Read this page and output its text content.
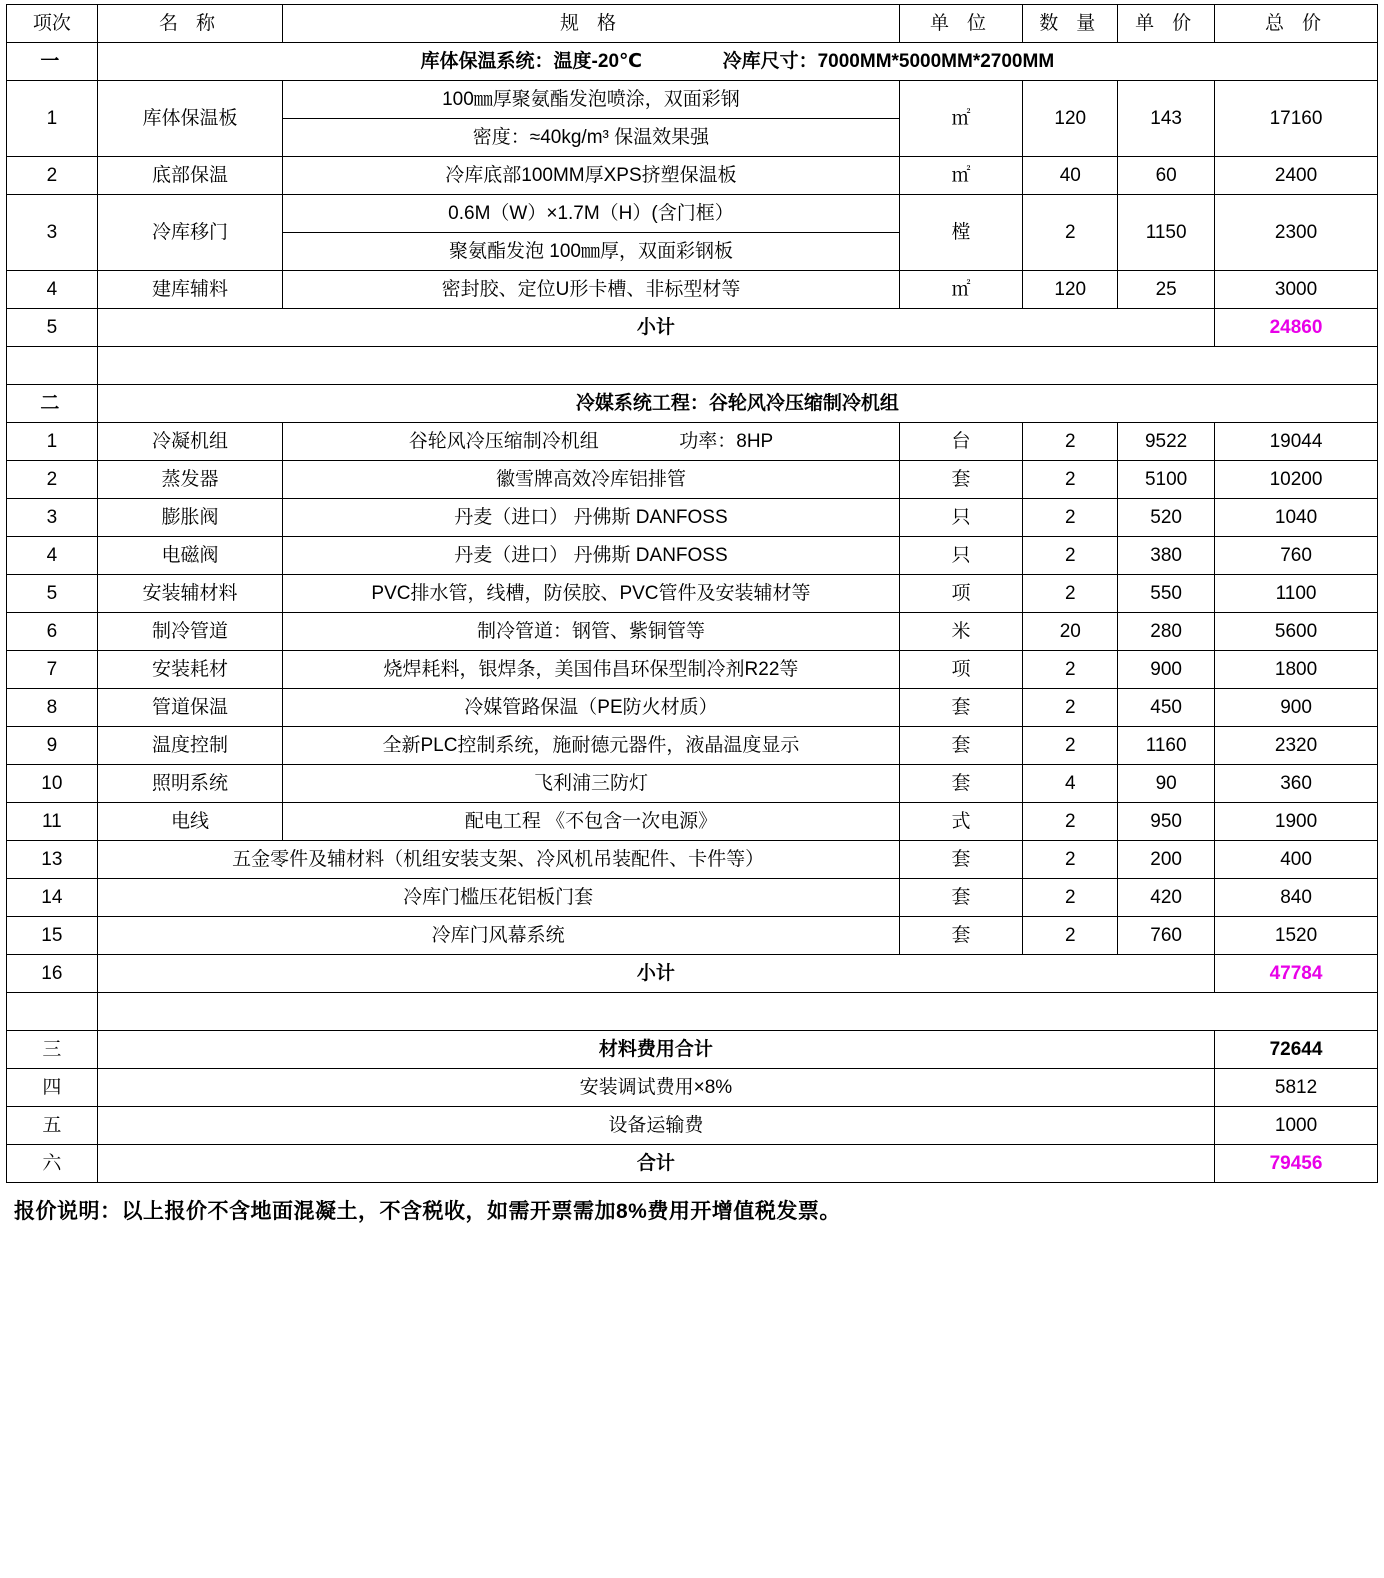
项次	名 称	规 格	单 位	数 量	单 价	总 价
一	库体保温系统：温度-20℃ 冷库尺寸：7000MM*5000MM*2700MM					
1	库体保温板	100㎜厚聚氨酯发泡喷涂，双面彩钢	㎡	120	143	17160
		密度：≈40kg/m³ 保温效果强				
2	底部保温	冷库底部100MM厚XPS挤塑保温板	㎡	40	60	2400
3	冷库移门	0.6M（W）×1.7M（H）(含门框）	樘	2	1150	2300
		聚氨酯发泡 100㎜厚，双面彩钢板				
4	建库辅料	密封胶、定位U形卡槽、非标型材等	㎡	120	25	3000
5	小计					24860

二	冷媒系统工程：谷轮风冷压缩制冷机组					
1	冷凝机组	谷轮风冷压缩制冷机组 功率：8HP	台	2	9522	19044
2	蒸发器	徽雪牌高效冷库铝排管	套	2	5100	10200
3	膨胀阀	丹麦（进口） 丹佛斯 DANFOSS	只	2	520	1040
4	电磁阀	丹麦（进口） 丹佛斯 DANFOSS	只	2	380	760
5	安装辅材料	PVC排水管，线槽，防侯胶、PVC管件及安装辅材等	项	2	550	1100
6	制冷管道	制冷管道：钢管、紫铜管等	米	20	280	5600
7	安装耗材	烧焊耗料，银焊条，美国伟昌环保型制冷剂R22等	项	2	900	1800
8	管道保温	冷媒管路保温（PE防火材质）	套	2	450	900
9	温度控制	全新PLC控制系统，施耐德元器件，液晶温度显示	套	2	1160	2320
10	照明系统	飞利浦三防灯	套	4	90	360
11	电线	配电工程 《不包含一次电源》	式	2	950	1900
13	五金零件及辅材料（机组安装支架、冷风机吊装配件、卡件等）		套	2	200	400
14	冷库门槛压花铝板门套		套	2	420	840
15	冷库门风幕系统		套	2	760	1520
16	小计					47784

三	材料费用合计					72644
四	安装调试费用×8%					5812
五	设备运输费					1000
六	合计					79456
报价说明：以上报价不含地面混凝土，不含税收，如需开票需加8%费用开增值税发票。
